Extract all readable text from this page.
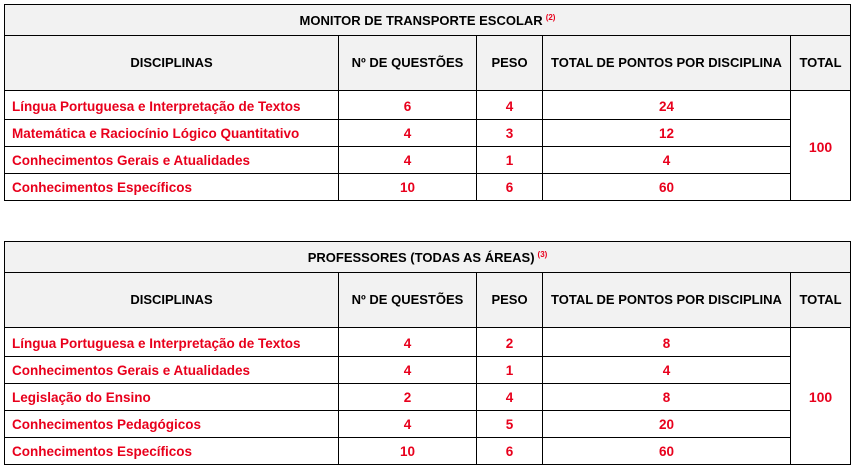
MONITOR DE TRANSPORTE ESCOLAR $^{(2)}$
DISCIPLINAS	Nº DE QUESTÕES	PESO	TOTAL DE PONTOS POR DISCIPLINA	TOTAL
Língua Portuguesa e Interpretação de Textos	6	4	24	100
Matemática e Raciocínio Lógico Quantitativo	4	3	12	
Conhecimentos Gerais e Atualidades	4	1	4	
Conhecimentos Específicos	10	6	60	
PROFESSORES (TODAS AS ÁREAS) $^{(3)}$
DISCIPLINAS	Nº DE QUESTÕES	PESO	TOTAL DE PONTOS POR DISCIPLINA	TOTAL
Língua Portuguesa e Interpretação de Textos	4	2	8	100
Conhecimentos Gerais e Atualidades	4	1	4	
Legislação do Ensino	2	4	8	
Conhecimentos Pedagógicos	4	5	20	
Conhecimentos Específicos	10	6	60	
